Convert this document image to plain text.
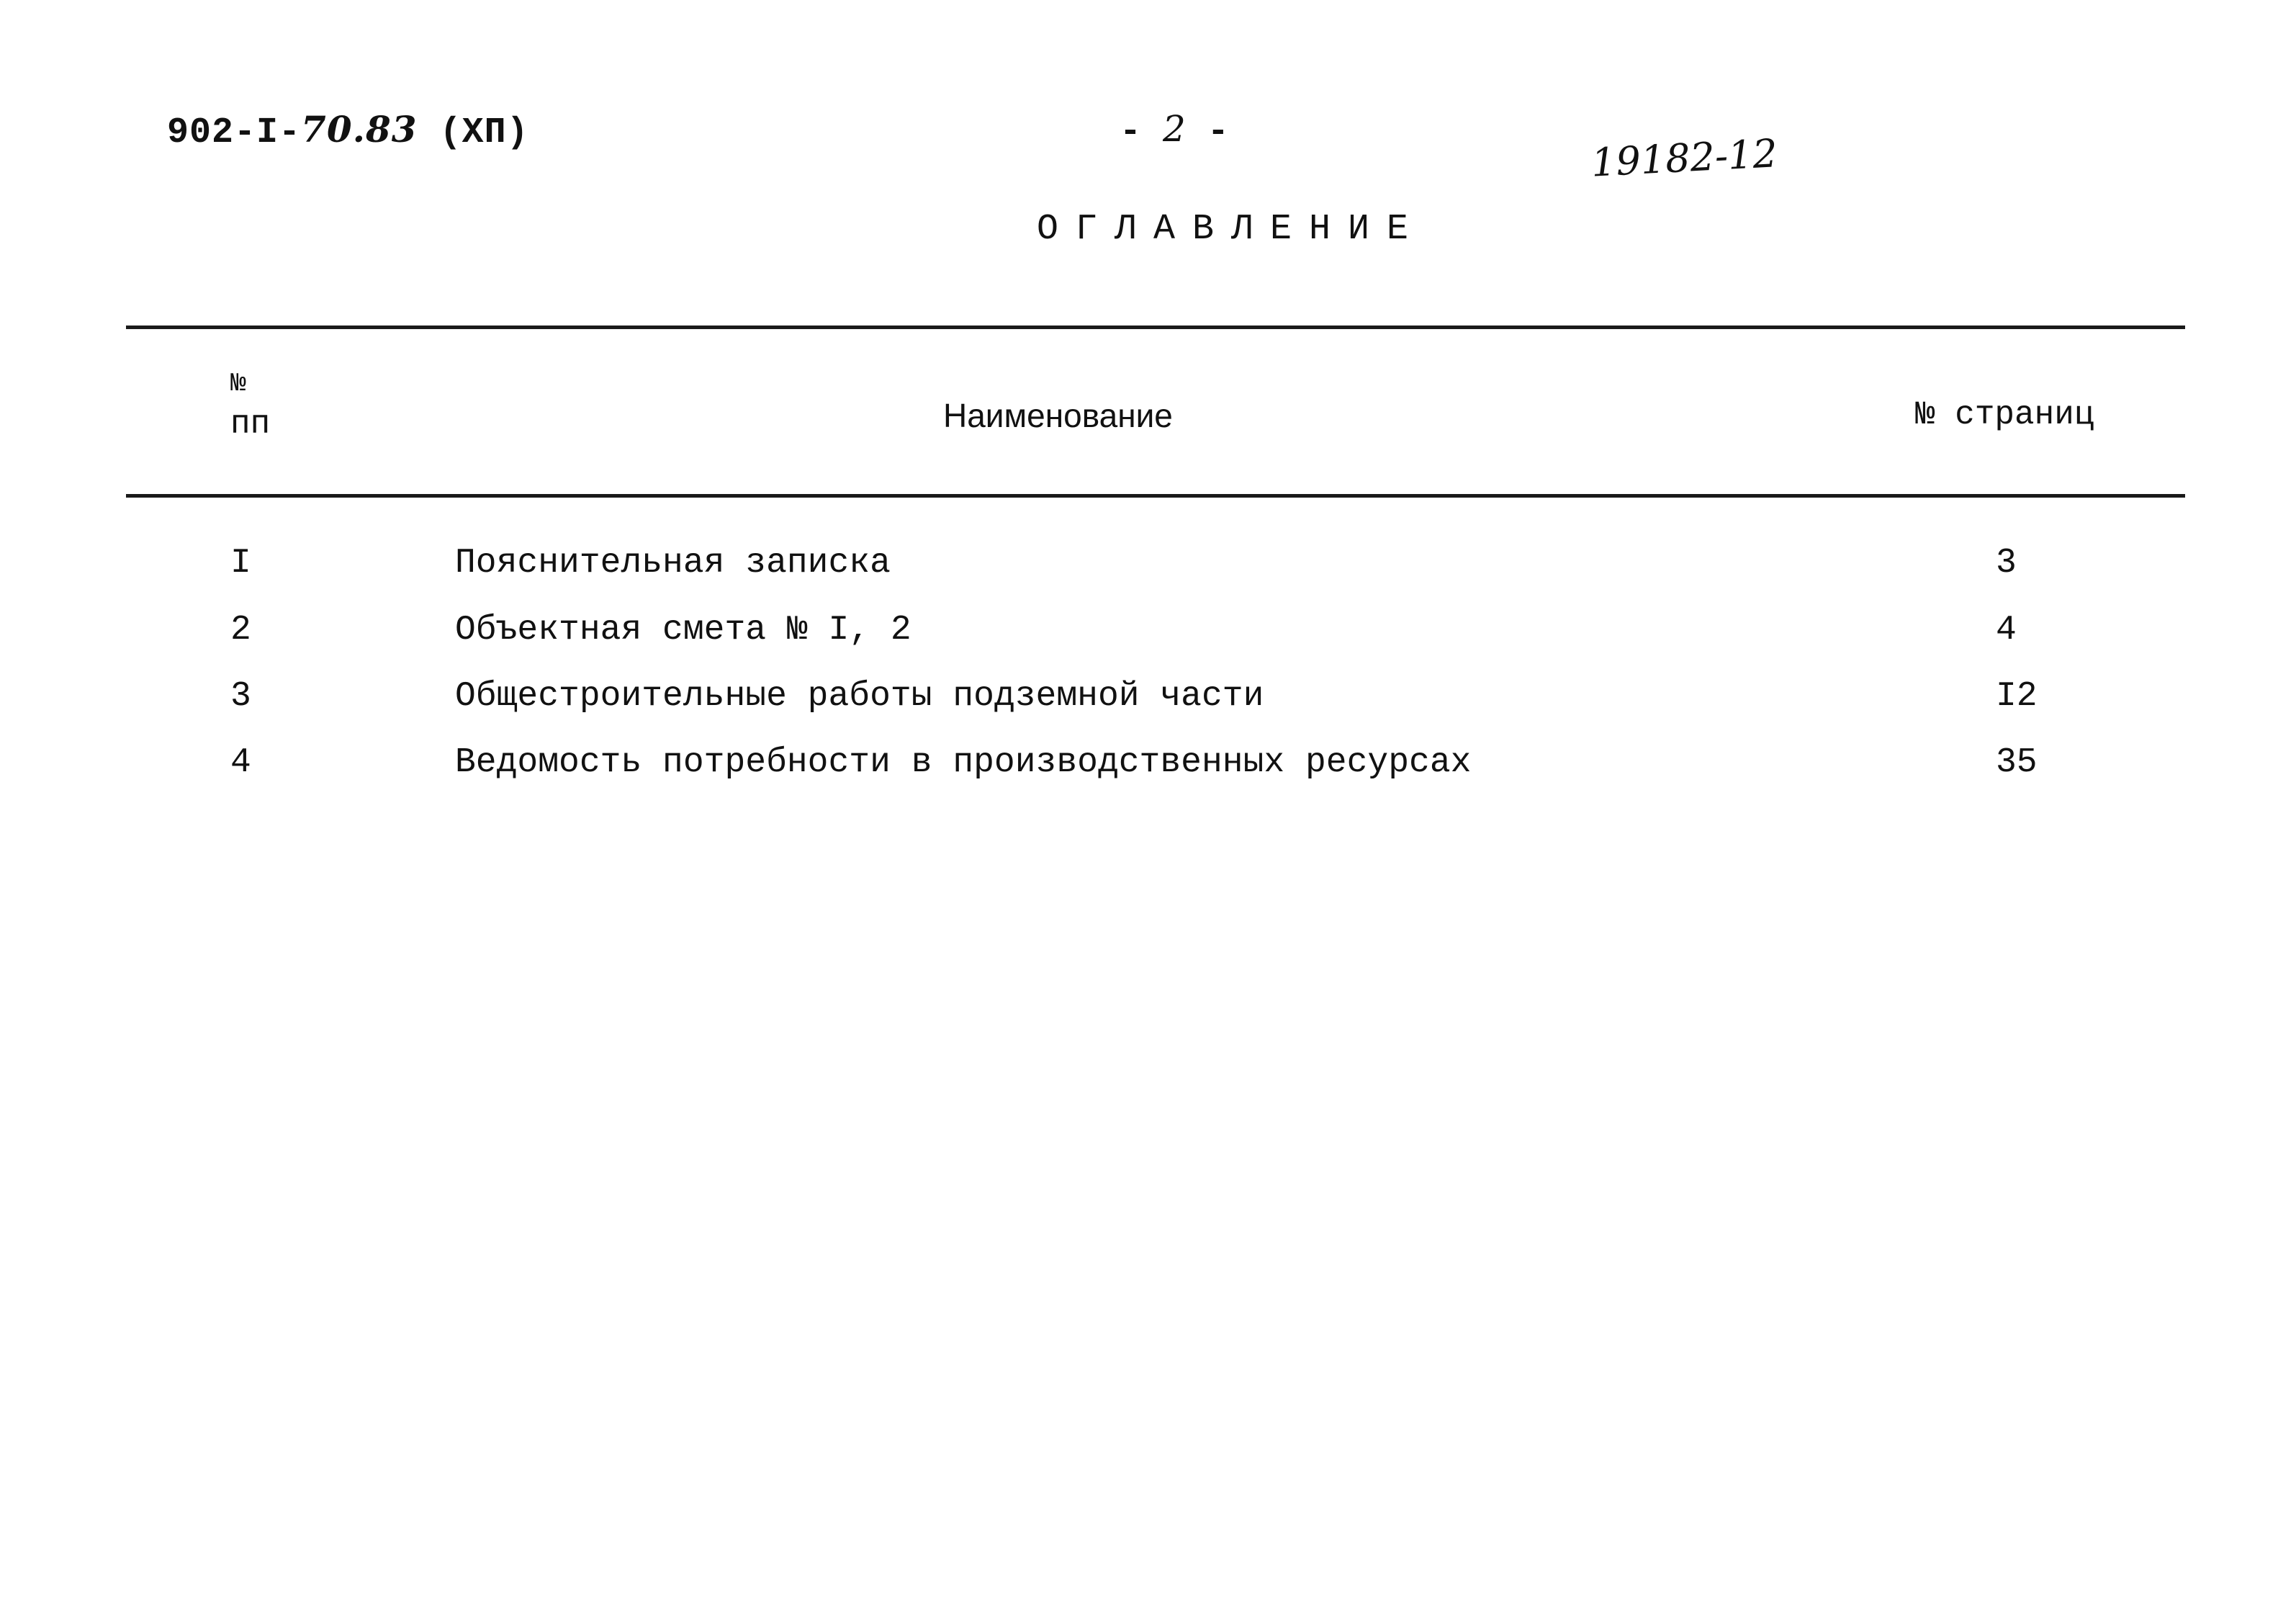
902-I-70.83 (XП)	- 2 -	19182-12
ОГЛАВЛЕНИЕ
№
пп	Наименование	№ страниц
I	Пояснительная записка	3
2	Объектная смета № I, 2	4
3	Общестроительные работы подземной части	I2
4	Ведомость потребности в производственных ресурсах	35
